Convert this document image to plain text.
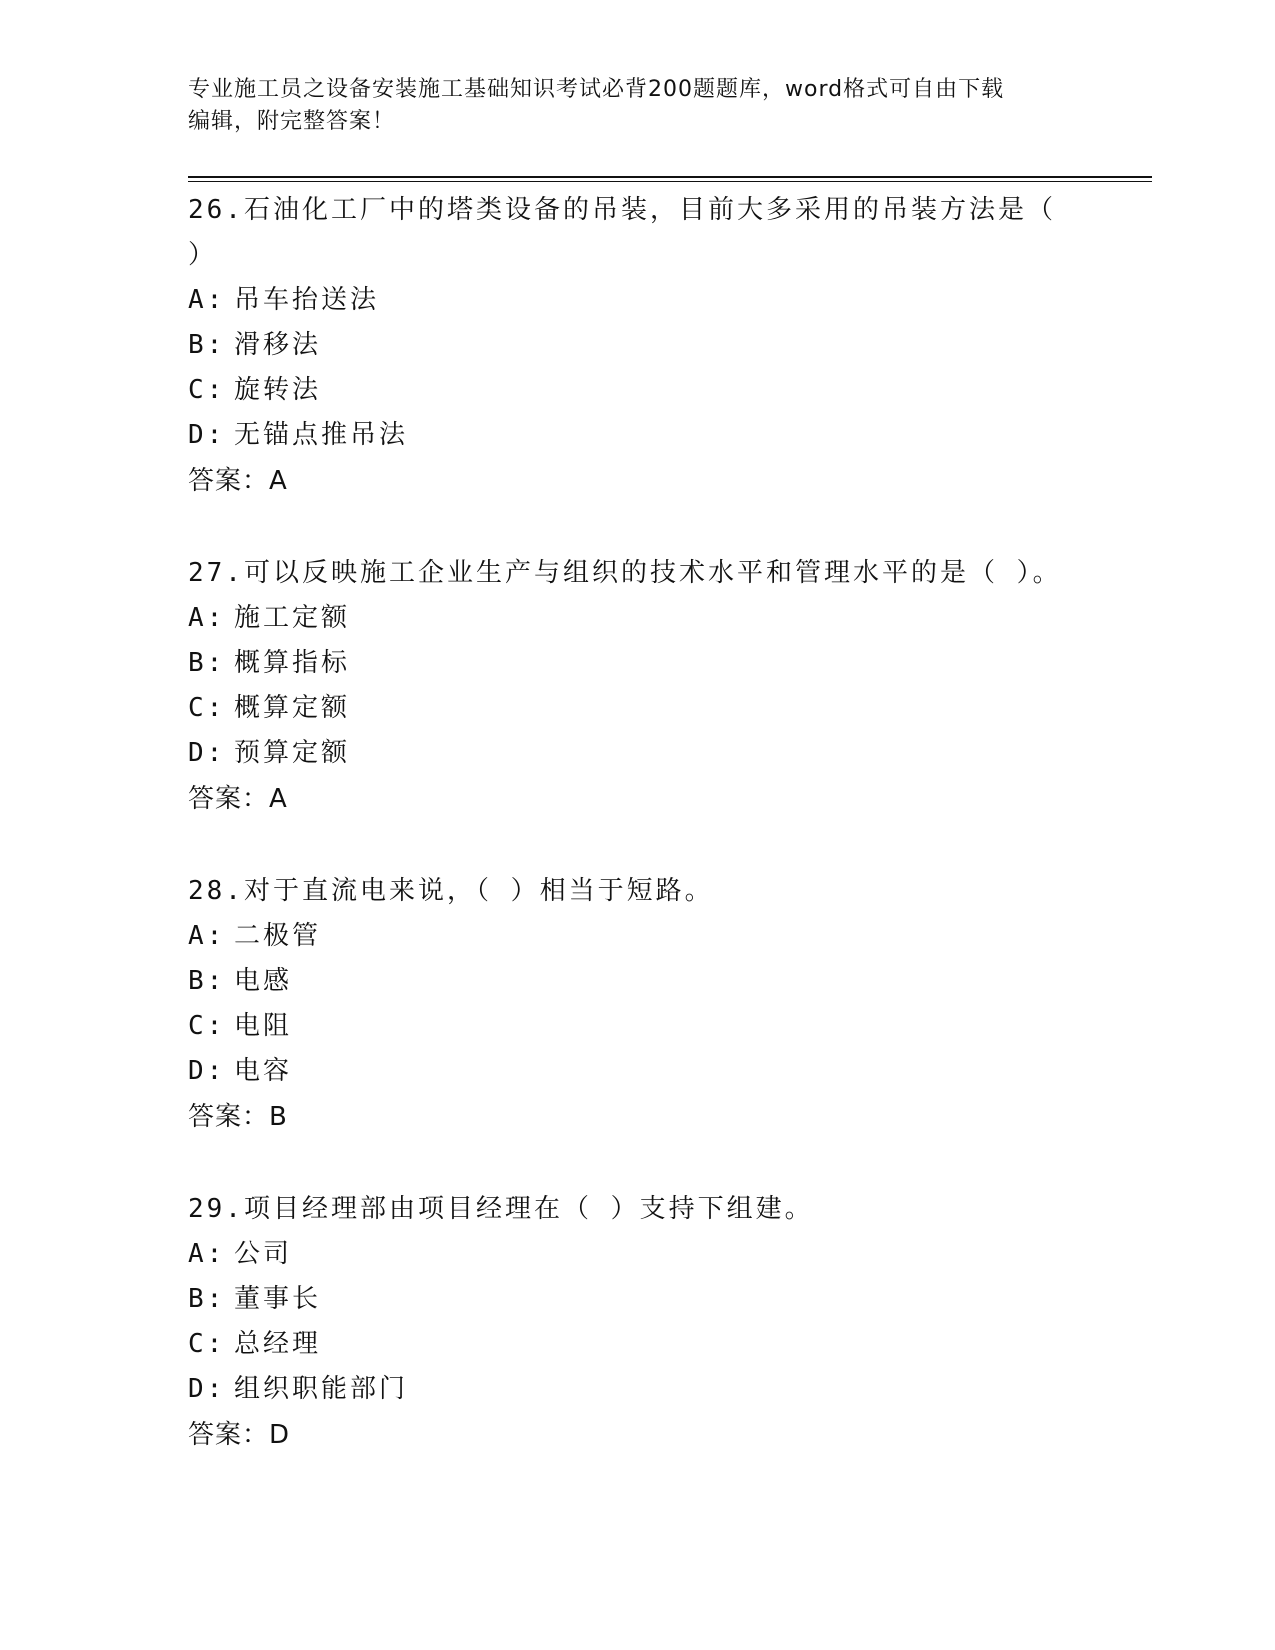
专业施工员之设备安装施工基础知识考试必背200题题库，word格式可自由下载
编辑，附完整答案！
26.石油化工厂中的塔类设备的吊装，目前大多采用的吊装方法是（
）
A: 吊车抬送法
B: 滑移法
C: 旋转法
D: 无锚点推吊法
答案：A
27.可以反映施工企业生产与组织的技术水平和管理水平的是（ ）。
A: 施工定额
B: 概算指标
C: 概算定额
D: 预算定额
答案：A
28.对于直流电来说，（ ）相当于短路。
A: 二极管
B: 电感
C: 电阻
D: 电容
答案：B
29.项目经理部由项目经理在（ ）支持下组建。
A: 公司
B: 董事长
C: 总经理
D: 组织职能部门
答案：D
